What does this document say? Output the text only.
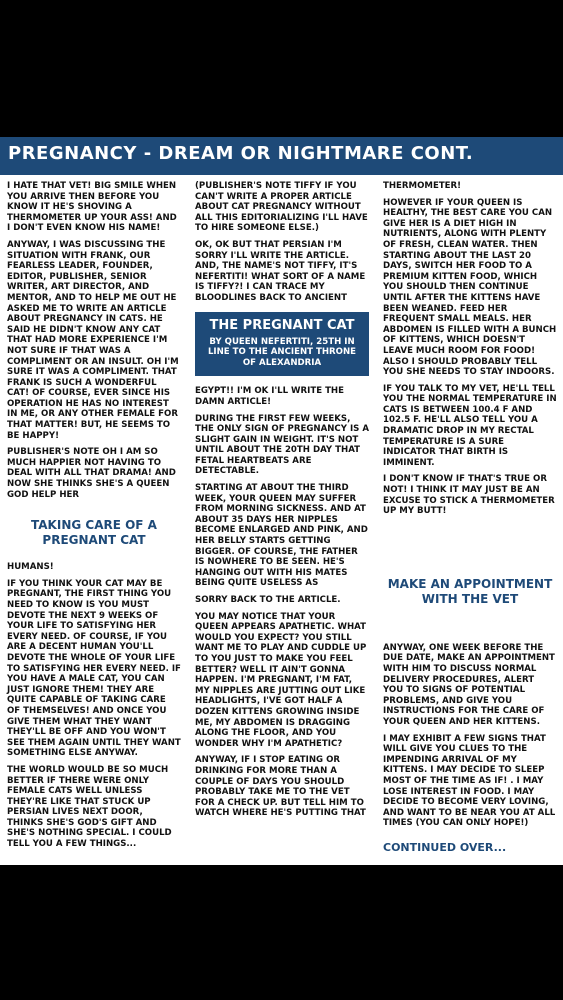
PREGNANCY - DREAM OR NIGHTMARE CONT.

I HATE THAT VET! BIG SMILE WHEN YOU ARRIVE THEN BEFORE YOU KNOW IT HE'S SHOVING A THERMOMETER UP YOUR ASS! AND I DON'T EVEN KNOW HIS NAME!

ANYWAY, I WAS DISCUSSING THE SITUATION WITH FRANK, OUR FEARLESS LEADER, FOUNDER, EDITOR, PUBLISHER, SENIOR WRITER, ART DIRECTOR, AND MENTOR, AND TO HELP ME OUT HE ASKED ME TO WRITE AN ARTICLE ABOUT PREGNANCY IN CATS. HE SAID HE DIDN'T KNOW ANY CAT THAT HAD MORE EXPERIENCE I'M NOT SURE IF THAT WAS A COMPLIMENT OR AN INSULT. OH I'M SURE IT WAS A COMPLIMENT. THAT FRANK IS SUCH A WONDERFUL CAT! OF COURSE, EVER SINCE HIS OPERATION HE HAS NO INTEREST IN ME, OR ANY OTHER FEMALE FOR THAT MATTER! BUT, HE SEEMS TO BE HAPPY!

PUBLISHER'S NOTE OH I AM SO MUCH HAPPIER NOT HAVING TO DEAL WITH ALL THAT DRAMA! AND NOW SHE THINKS SHE'S A QUEEN GOD HELP HER

TAKING CARE OF A PREGNANT CAT

HUMANS!

IF YOU THINK YOUR CAT MAY BE PREGNANT, THE FIRST THING YOU NEED TO KNOW IS YOU MUST DEVOTE THE NEXT 9 WEEKS OF YOUR LIFE TO SATISFYING HER EVERY NEED. OF COURSE, IF YOU ARE A DECENT HUMAN YOU'LL DEVOTE THE WHOLE OF YOUR LIFE TO SATISFYING HER EVERY NEED. IF YOU HAVE A MALE CAT, YOU CAN JUST IGNORE THEM! THEY ARE QUITE CAPABLE OF TAKING CARE OF THEMSELVES! AND ONCE YOU GIVE THEM WHAT THEY WANT THEY'LL BE OFF AND YOU WON'T SEE THEM AGAIN UNTIL THEY WANT SOMETHING ELSE ANYWAY.

THE WORLD WOULD BE SO MUCH BETTER IF THERE WERE ONLY FEMALE CATS WELL UNLESS THEY'RE LIKE THAT STUCK UP PERSIAN LIVES NEXT DOOR, THINKS SHE'S GOD'S GIFT AND SHE'S NOTHING SPECIAL. I COULD TELL YOU A FEW THINGS...

(PUBLISHER'S NOTE TIFFY IF YOU CAN'T WRITE A PROPER ARTICLE ABOUT CAT PREGNANCY WITHOUT ALL THIS EDITORIALIZING I'LL HAVE TO HIRE SOMEONE ELSE.)

OK, OK BUT THAT PERSIAN I'M SORRY I'LL WRITE THE ARTICLE. AND, THE NAME'S NOT TIFFY, IT'S NEFERTITI! WHAT SORT OF A NAME IS TIFFY?! I CAN TRACE MY BLOODLINES BACK TO ANCIENT

THE PREGNANT CAT
BY QUEEN NEFERTITI, 25TH IN LINE TO THE ANCIENT THRONE OF ALEXANDRIA

EGYPT!! I'M OK I'LL WRITE THE DAMN ARTICLE!

DURING THE FIRST FEW WEEKS, THE ONLY SIGN OF PREGNANCY IS A SLIGHT GAIN IN WEIGHT. IT'S NOT UNTIL ABOUT THE 20TH DAY THAT FETAL HEARTBEATS ARE DETECTABLE.

STARTING AT ABOUT THE THIRD WEEK, YOUR QUEEN MAY SUFFER FROM MORNING SICKNESS. AND AT ABOUT 35 DAYS HER NIPPLES BECOME ENLARGED AND PINK, AND HER BELLY STARTS GETTING BIGGER. OF COURSE, THE FATHER IS NOWHERE TO BE SEEN. HE'S HANGING OUT WITH HIS MATES BEING QUITE USELESS AS

SORRY BACK TO THE ARTICLE.

YOU MAY NOTICE THAT YOUR QUEEN APPEARS APATHETIC. WHAT WOULD YOU EXPECT? YOU STILL WANT ME TO PLAY AND CUDDLE UP TO YOU JUST TO MAKE YOU FEEL BETTER? WELL IT AIN'T GONNA HAPPEN. I'M PREGNANT, I'M FAT, MY NIPPLES ARE JUTTING OUT LIKE HEADLIGHTS, I'VE GOT HALF A DOZEN KITTENS GROWING INSIDE ME, MY ABDOMEN IS DRAGGING ALONG THE FLOOR, AND YOU WONDER WHY I'M APATHETIC?

ANYWAY, IF I STOP EATING OR DRINKING FOR MORE THAN A COUPLE OF DAYS YOU SHOULD PROBABLY TAKE ME TO THE VET FOR A CHECK UP. BUT TELL HIM TO WATCH WHERE HE'S PUTTING THAT

THERMOMETER!

HOWEVER IF YOUR QUEEN IS HEALTHY, THE BEST CARE YOU CAN GIVE HER IS A DIET HIGH IN NUTRIENTS, ALONG WITH PLENTY OF FRESH, CLEAN WATER. THEN STARTING ABOUT THE LAST 20 DAYS, SWITCH HER FOOD TO A PREMIUM KITTEN FOOD, WHICH YOU SHOULD THEN CONTINUE UNTIL AFTER THE KITTENS HAVE BEEN WEANED. FEED HER FREQUENT SMALL MEALS. HER ABDOMEN IS FILLED WITH A BUNCH OF KITTENS, WHICH DOESN'T LEAVE MUCH ROOM FOR FOOD! ALSO I SHOULD PROBABLY TELL YOU SHE NEEDS TO STAY INDOORS.

IF YOU TALK TO MY VET, HE'LL TELL YOU THE NORMAL TEMPERATURE IN CATS IS BETWEEN 100.4 F AND 102.5 F. HE'LL ALSO TELL YOU A DRAMATIC DROP IN MY RECTAL TEMPERATURE IS A SURE INDICATOR THAT BIRTH IS IMMINENT.

I DON'T KNOW IF THAT'S TRUE OR NOT! I THINK IT MAY JUST BE AN EXCUSE TO STICK A THERMOMETER UP MY BUTT!

MAKE AN APPOINTMENT WITH THE VET

ANYWAY, ONE WEEK BEFORE THE DUE DATE, MAKE AN APPOINTMENT WITH HIM TO DISCUSS NORMAL DELIVERY PROCEDURES, ALERT YOU TO SIGNS OF POTENTIAL PROBLEMS, AND GIVE YOU INSTRUCTIONS FOR THE CARE OF YOUR QUEEN AND HER KITTENS.

I MAY EXHIBIT A FEW SIGNS THAT WILL GIVE YOU CLUES TO THE IMPENDING ARRIVAL OF MY KITTENS. I MAY DECIDE TO SLEEP MOST OF THE TIME AS IF! . I MAY LOSE INTEREST IN FOOD. I MAY DECIDE TO BECOME VERY LOVING, AND WANT TO BE NEAR YOU AT ALL TIMES (YOU CAN ONLY HOPE!)

CONTINUED OVER...
